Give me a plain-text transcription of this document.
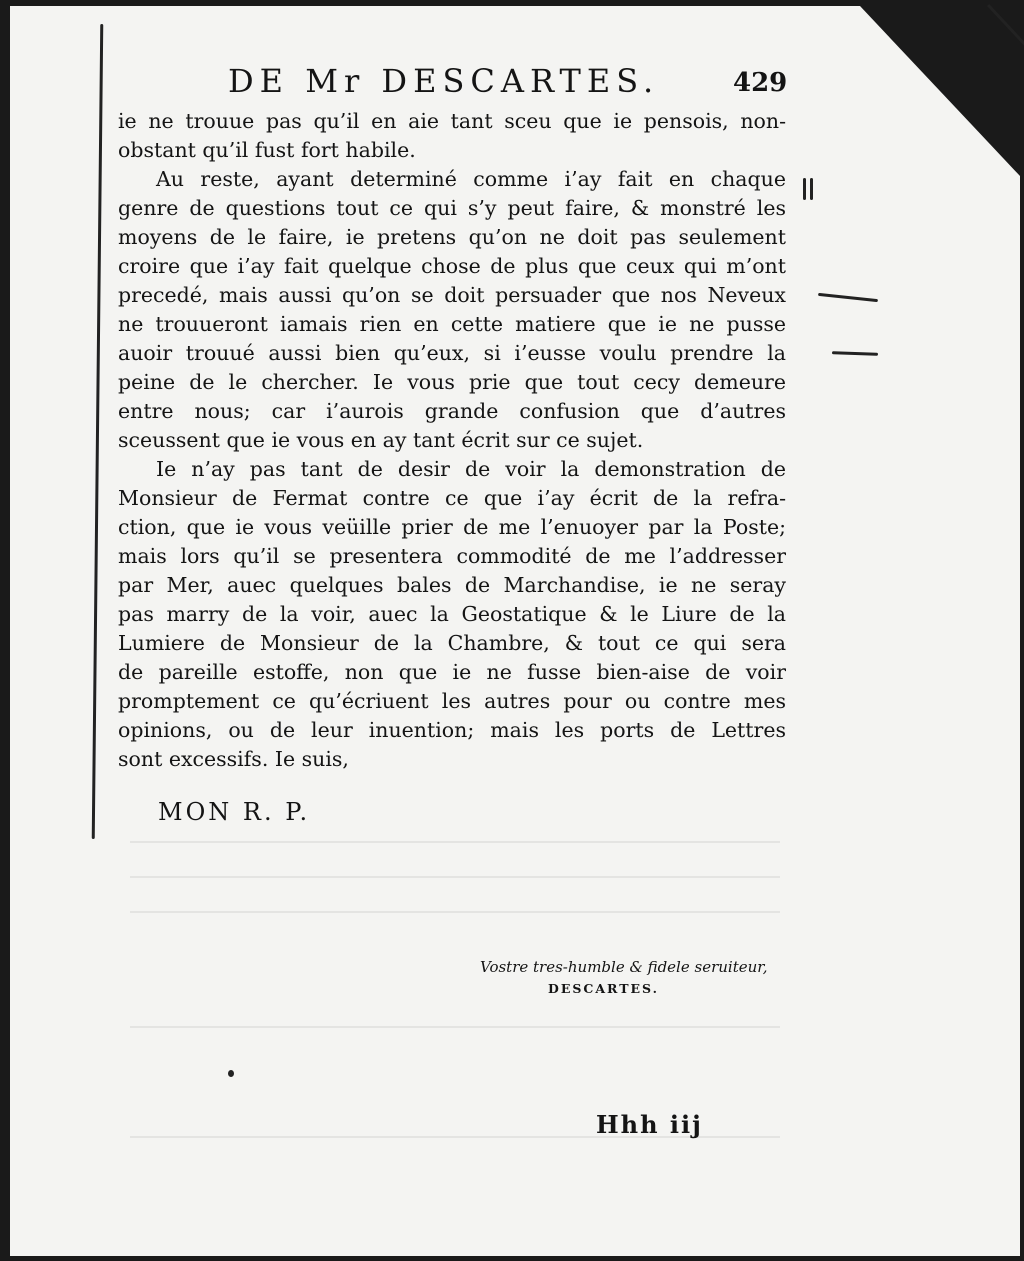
DE Mr DESCARTES.	429
ie ne trouue pas qu’il en aie tant sceu que ie pensois, non-
obstant qu’il fust fort habile.
Au reste, ayant determiné comme i’ay fait en chaque
genre de questions tout ce qui s’y peut faire, & monstré les
moyens de le faire, ie pretens qu’on ne doit pas seulement
croire que i’ay fait quelque chose de plus que ceux qui m’ont
precedé, mais aussi qu’on se doit persuader que nos Neveux
ne trouueront iamais rien en cette matiere que ie ne pusse
auoir trouué aussi bien qu’eux, si i’eusse voulu prendre la
peine de le chercher. Ie vous prie que tout cecy demeure
entre nous; car i’aurois grande confusion que d’autres
sceussent que ie vous en ay tant écrit sur ce sujet.
Ie n’ay pas tant de desir de voir la demonstration de
Monsieur de Fermat contre ce que i’ay écrit de la refra-
ction, que ie vous veüille prier de me l’enuoyer par la Poste;
mais lors qu’il se presentera commodité de me l’addresser
par Mer, auec quelques bales de Marchandise, ie ne seray
pas marry de la voir, auec la Geostatique & le Liure de la
Lumiere de Monsieur de la Chambre, & tout ce qui sera
de pareille estoffe, non que ie ne fusse bien-aise de voir
promptement ce qu’écriuent les autres pour ou contre mes
opinions, ou de leur inuention; mais les ports de Lettres
sont excessifs. Ie suis,
MON R. P.
Vostre tres-humble & fidele seruiteur,
DESCARTES.
Hhh iij
